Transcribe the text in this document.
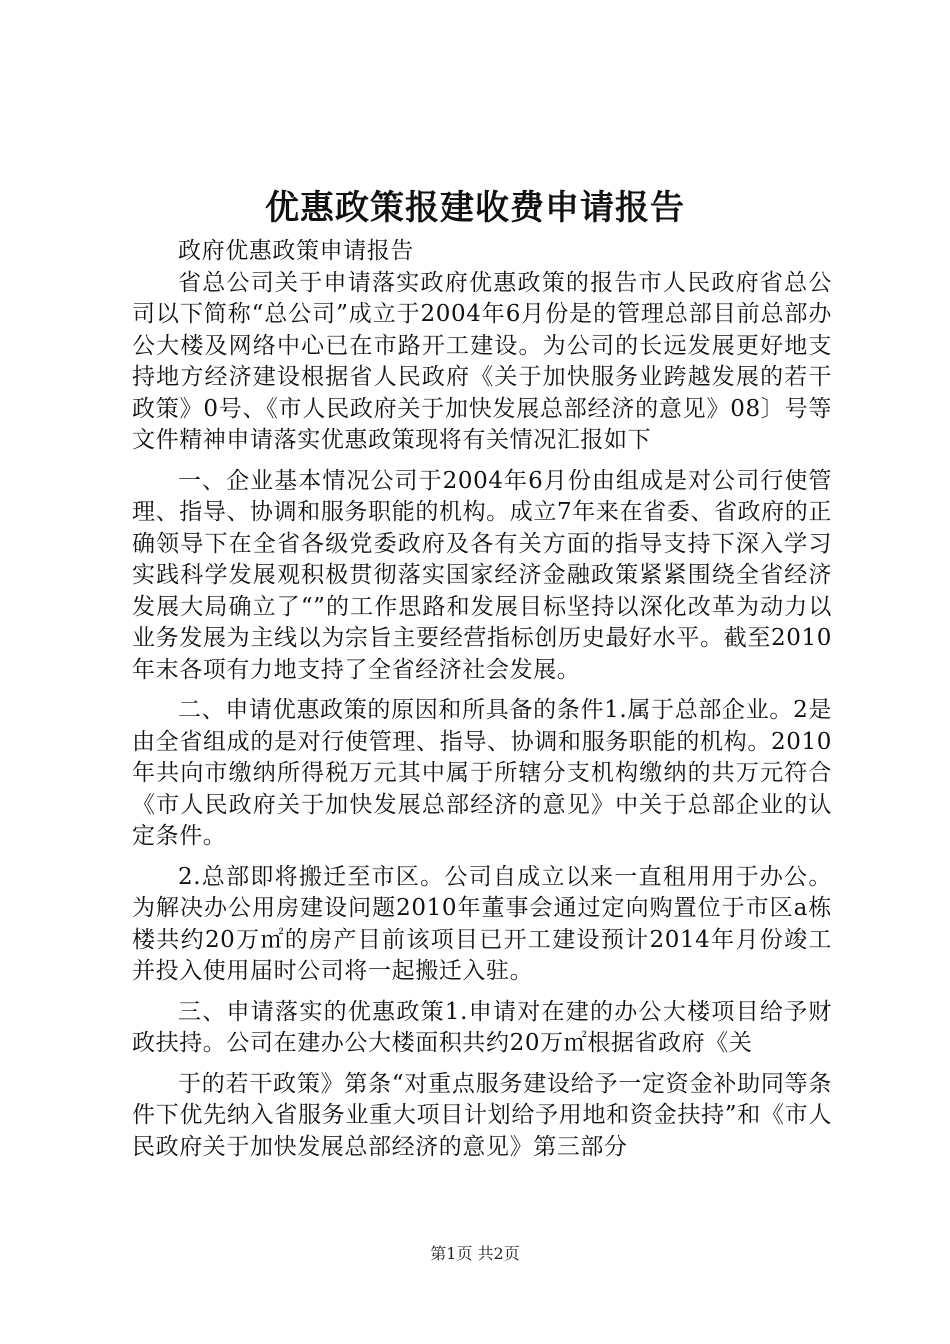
优惠政策报建收费申请报告

政府优惠政策申请报告

省总公司关于申请落实政府优惠政策的报告市人民政府省总公司以下简称“总公司”成立于2004年6月份是的管理总部目前总部办公大楼及网络中心已在市路开工建设。为公司的长远发展更好地支持地方经济建设根据省人民政府《关于加快服务业跨越发展的若干政策》0号、《市人民政府关于加快发展总部经济的意见》08〕号等文件精神申请落实优惠政策现将有关情况汇报如下

一、企业基本情况公司于2004年6月份由组成是对公司行使管理、指导、协调和服务职能的机构。成立7年来在省委、省政府的正确领导下在全省各级党委政府及各有关方面的指导支持下深入学习实践科学发展观积极贯彻落实国家经济金融政策紧紧围绕全省经济发展大局确立了“”的工作思路和发展目标坚持以深化改革为动力以业务发展为主线以为宗旨主要经营指标创历史最好水平。截至2010年末各项有力地支持了全省经济社会发展。

二、申请优惠政策的原因和所具备的条件1.属于总部企业。2是由全省组成的是对行使管理、指导、协调和服务职能的机构。2010年共向市缴纳所得税万元其中属于所辖分支机构缴纳的共万元符合《市人民政府关于加快发展总部经济的意见》中关于总部企业的认定条件。

2.总部即将搬迁至市区。公司自成立以来一直租用用于办公。为解决办公用房建设问题2010年董事会通过定向购置位于市区a栋楼共约20万㎡的房产目前该项目已开工建设预计2014年月份竣工并投入使用届时公司将一起搬迁入驻。

三、申请落实的优惠政策1.申请对在建的办公大楼项目给予财政扶持。公司在建办公大楼面积共约20万㎡根据省政府《关

于的若干政策》第条“对重点服务建设给予一定资金补助同等条件下优先纳入省服务业重大项目计划给予用地和资金扶持”和《市人民政府关于加快发展总部经济的意见》第三部分

第1页 共2页
